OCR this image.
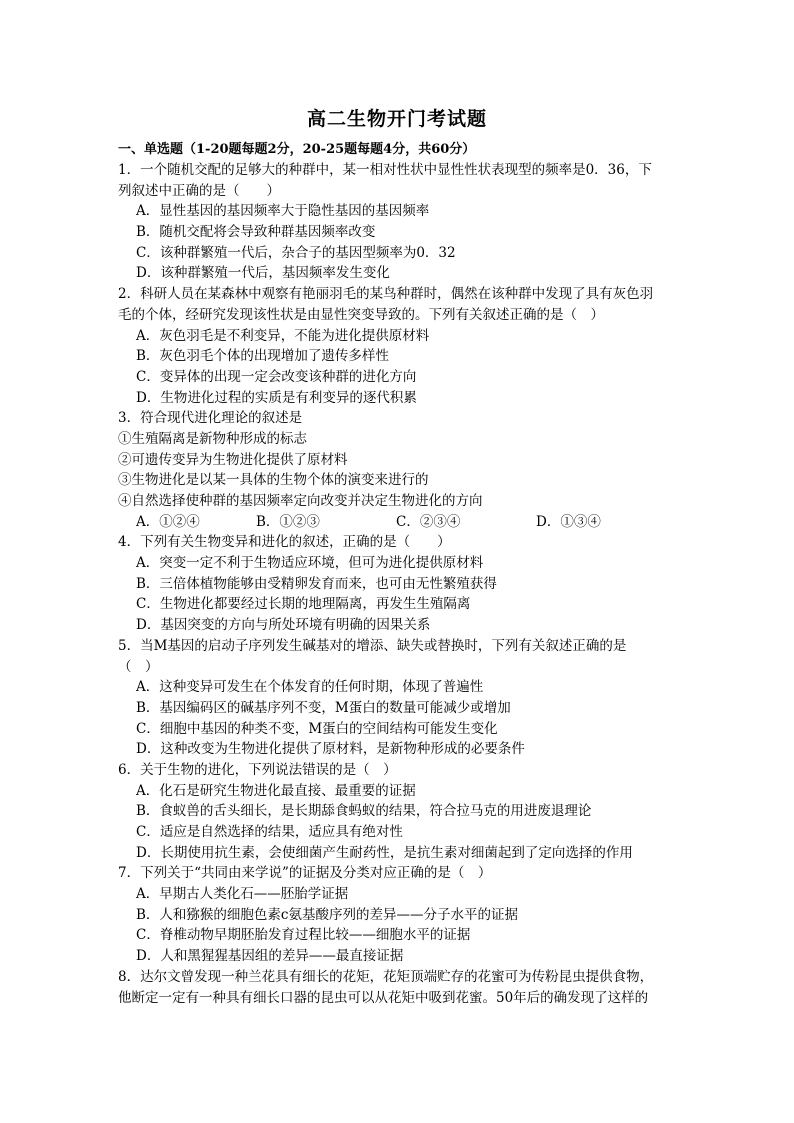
高二生物开门考试题
一、单选题（1-20题每题2分，20-25题每题4分，共60分）
1．一个随机交配的足够大的种群中，某一相对性状中显性性状表现型的频率是0．36，下
列叙述中正确的是（　　）
A．显性基因的基因频率大于隐性基因的基因频率
B．随机交配将会导致种群基因频率改变
C．该种群繁殖一代后，杂合子的基因型频率为0．32
D．该种群繁殖一代后，基因频率发生变化
2．科研人员在某森林中观察有艳丽羽毛的某鸟种群时，偶然在该种群中发现了具有灰色羽
毛的个体，经研究发现该性状是由显性突变导致的。下列有关叙述正确的是（　）
A．灰色羽毛是不利变异，不能为进化提供原材料
B．灰色羽毛个体的出现增加了遗传多样性
C．变异体的出现一定会改变该种群的进化方向
D．生物进化过程的实质是有利变异的逐代积累
3．符合现代进化理论的叙述是
①生殖隔离是新物种形成的标志
②可遗传变异为生物进化提供了原材料
③生物进化是以某一具体的生物个体的演变来进行的
④自然选择使种群的基因频率定向改变并决定生物进化的方向
A．①②④	B．①②③	C．②③④	D．①③④
4．下列有关生物变异和进化的叙述，正确的是（　　）
A．突变一定不利于生物适应环境，但可为进化提供原材料
B．三倍体植物能够由受精卵发育而来，也可由无性繁殖获得
C．生物进化都要经过长期的地理隔离，再发生生殖隔离
D．基因突变的方向与所处环境有明确的因果关系
5．当M基因的启动子序列发生碱基对的增添、缺失或替换时，下列有关叙述正确的是
（　）
A．这种变异可发生在个体发育的任何时期，体现了普遍性
B．基因编码区的碱基序列不变，M蛋白的数量可能减少或增加
C．细胞中基因的种类不变，M蛋白的空间结构可能发生变化
D．这种改变为生物进化提供了原材料，是新物种形成的必要条件
6．关于生物的进化，下列说法错误的是（　）
A．化石是研究生物进化最直接、最重要的证据
B．食蚁兽的舌头细长，是长期舔食蚂蚁的结果，符合拉马克的用进废退理论
C．适应是自然选择的结果，适应具有绝对性
D．长期使用抗生素，会使细菌产生耐药性，是抗生素对细菌起到了定向选择的作用
7．下列关于“共同由来学说”的证据及分类对应正确的是（　）
A．早期古人类化石——胚胎学证据
B．人和猕猴的细胞色素c氨基酸序列的差异——分子水平的证据
C．脊椎动物早期胚胎发育过程比较——细胞水平的证据
D．人和黑猩猩基因组的差异——最直接证据
8．达尔文曾发现一种兰花具有细长的花矩，花矩顶端贮存的花蜜可为传粉昆虫提供食物，
他断定一定有一种具有细长口器的昆虫可以从花矩中吸到花蜜。50年后的确发现了这样的
